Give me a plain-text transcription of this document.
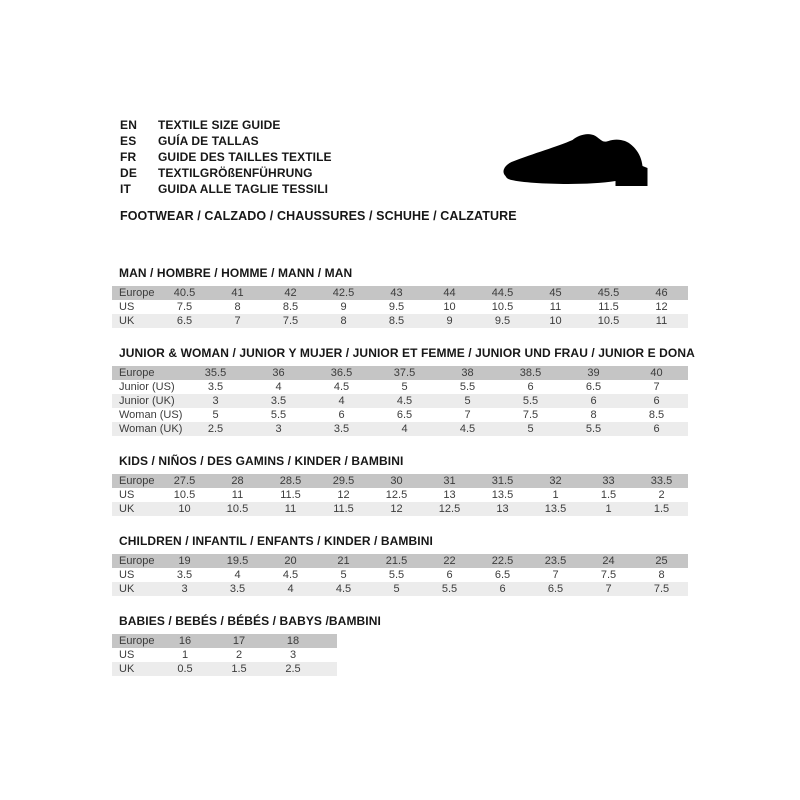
EN	TEXTILE SIZE GUIDE
ES	GUÍA DE TALLAS
FR	GUIDE DES TAILLES TEXTILE
DE	TEXTILGRÖßENFÜHRUNG
IT	GUIDA ALLE TAGLIE TESSILI
FOOTWEAR / CALZADO / CHAUSSURES / SCHUHE / CALZATURE
MAN / HOMBRE / HOMME / MANN / MAN
Europe	40.5	41	42	42.5	43	44	44.5	45	45.5	46
US	7.5	8	8.5	9	9.5	10	10.5	11	11.5	12
UK	6.5	7	7.5	8	8.5	9	9.5	10	10.5	11
JUNIOR & WOMAN / JUNIOR Y MUJER / JUNIOR ET FEMME / JUNIOR UND FRAU / JUNIOR E DONA
Europe	35.5	36	36.5	37.5	38	38.5	39	40
Junior (US)	3.5	4	4.5	5	5.5	6	6.5	7
Junior (UK)	3	3.5	4	4.5	5	5.5	6	6
Woman (US)	5	5.5	6	6.5	7	7.5	8	8.5
Woman (UK)	2.5	3	3.5	4	4.5	5	5.5	6
KIDS / NIÑOS / DES GAMINS / KINDER / BAMBINI
Europe	27.5	28	28.5	29.5	30	31	31.5	32	33	33.5
US	10.5	11	11.5	12	12.5	13	13.5	1	1.5	2
UK	10	10.5	11	11.5	12	12.5	13	13.5	1	1.5
CHILDREN / INFANTIL / ENFANTS / KINDER / BAMBINI
Europe	19	19.5	20	21	21.5	22	22.5	23.5	24	25
US	3.5	4	4.5	5	5.5	6	6.5	7	7.5	8
UK	3	3.5	4	4.5	5	5.5	6	6.5	7	7.5
BABIES / BEBÉS / BÉBÉS / BABYS /BAMBINI
Europe	16	17	18	
US	1	2	3	
UK	0.5	1.5	2.5	
